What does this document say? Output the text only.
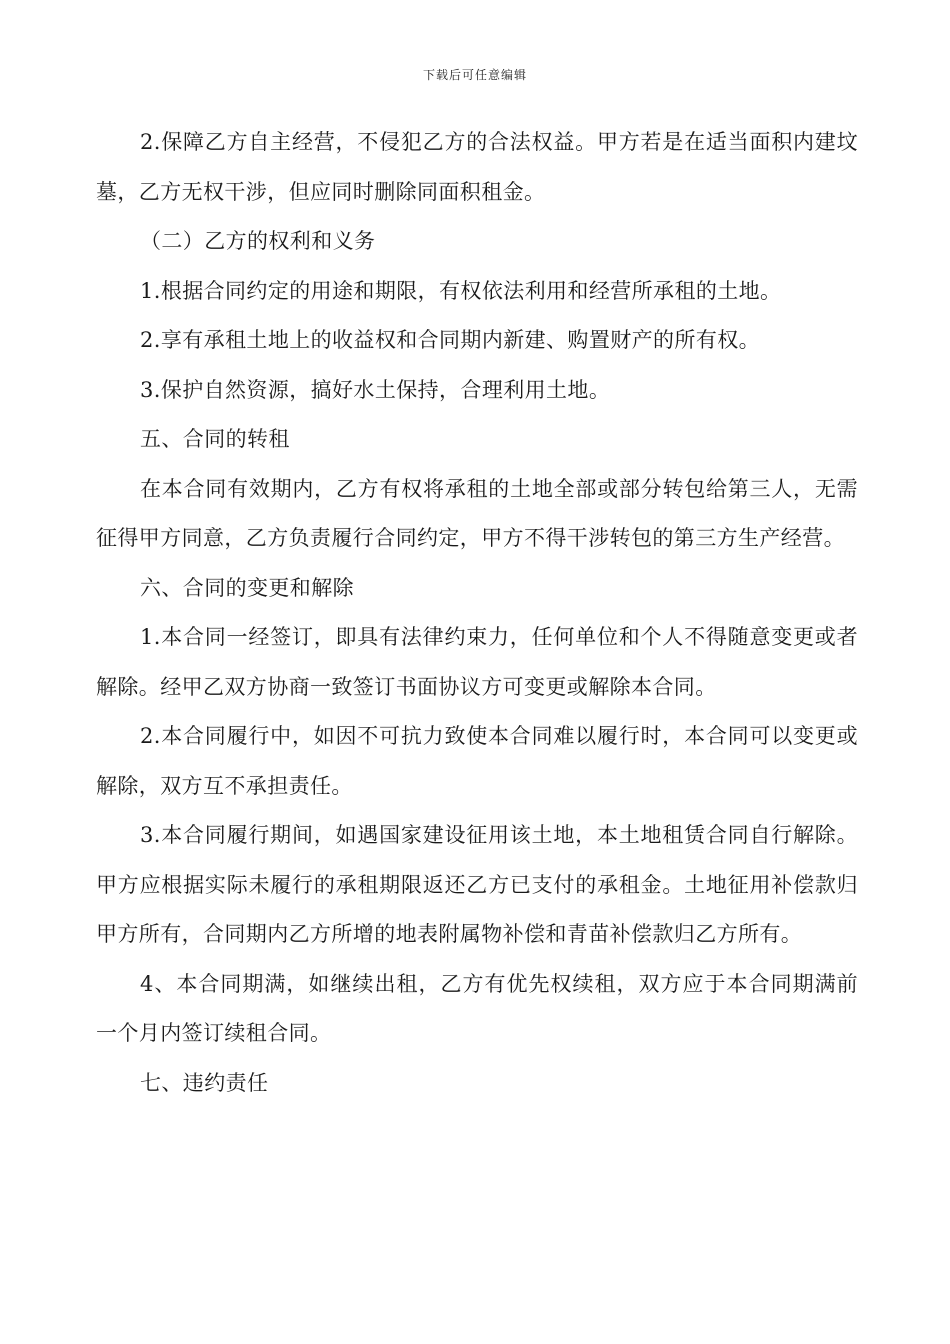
下载后可任意编辑

2.保障乙方自主经营，不侵犯乙方的合法权益。甲方若是在适当面积内建坟墓，乙方无权干涉，但应同时删除同面积租金。

（二）乙方的权利和义务

1.根据合同约定的用途和期限，有权依法利用和经营所承租的土地。

2.享有承租土地上的收益权和合同期内新建、购置财产的所有权。

3.保护自然资源，搞好水土保持，合理利用土地。

五、合同的转租

在本合同有效期内，乙方有权将承租的土地全部或部分转包给第三人，无需征得甲方同意，乙方负责履行合同约定，甲方不得干涉转包的第三方生产经营。

六、合同的变更和解除

1.本合同一经签订，即具有法律约束力，任何单位和个人不得随意变更或者解除。经甲乙双方协商一致签订书面协议方可变更或解除本合同。

2.本合同履行中，如因不可抗力致使本合同难以履行时，本合同可以变更或解除，双方互不承担责任。

3.本合同履行期间，如遇国家建设征用该土地，本土地租赁合同自行解除。甲方应根据实际未履行的承租期限返还乙方已支付的承租金。土地征用补偿款归甲方所有，合同期内乙方所增的地表附属物补偿和青苗补偿款归乙方所有。

4、本合同期满，如继续出租，乙方有优先权续租，双方应于本合同期满前一个月内签订续租合同。

七、违约责任
